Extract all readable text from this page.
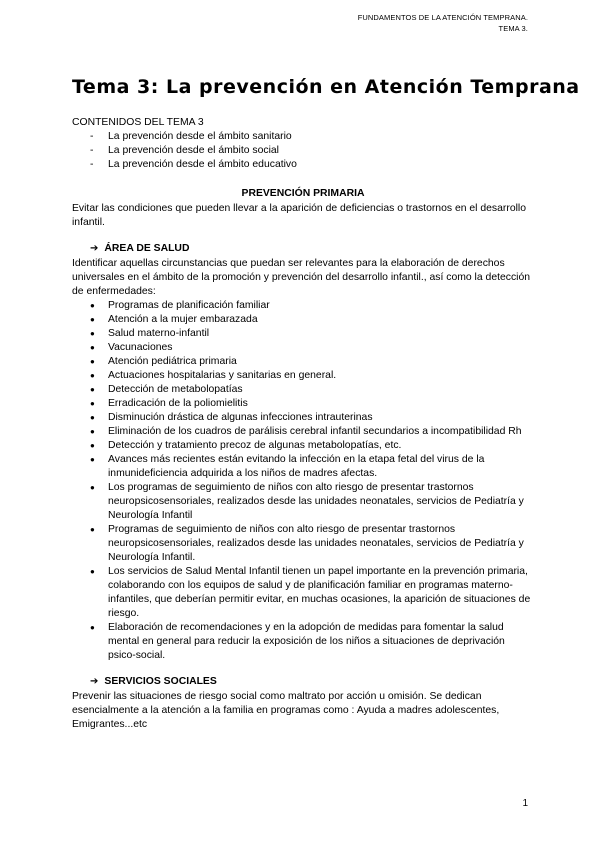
FUNDAMENTOS DE LA ATENCIÓN TEMPRANA.
TEMA 3.
Tema 3: La prevención en Atención Temprana

CONTENIDOS DEL TEMA 3

- La prevención desde el ámbito sanitario
- La prevención desde el ámbito social
- La prevención desde el ámbito educativo
PREVENCIÓN PRIMARIA

Evitar las condiciones que pueden llevar a la aparición de deficiencias o trastornos en el desarrollo infantil.

➔ ÁREA DE SALUD

Identificar aquellas circunstancias que puedan ser relevantes para la elaboración de derechos universales en el ámbito de la promoción y prevención del desarrollo infantil., así como la detección de enfermedades:

● Programas de planificación familiar
● Atención a la mujer embarazada
● Salud materno-infantil
● Vacunaciones
● Atención pediátrica primaria
● Actuaciones hospitalarias y sanitarias en general.
● Detección de metabolopatías
● Erradicación de la poliomielitis
● Disminución drástica de algunas infecciones intrauterinas
● Eliminación de los cuadros de parálisis cerebral infantil secundarios a incompatibilidad Rh
● Detección y tratamiento precoz de algunas metabolopatías, etc.
● Avances más recientes están evitando la infección en la etapa fetal del virus de la inmunideficiencia adquirida a los niños de madres afectas.
● Los programas de seguimiento de niños con alto riesgo de presentar trastornos neuropsicosensoriales, realizados desde las unidades neonatales, servicios de Pediatría y Neurología Infantil
● Programas de seguimiento de niños con alto riesgo de presentar trastornos neuropsicosensoriales, realizados desde las unidades neonatales, servicios de Pediatría y Neurología Infantil.
● Los servicios de Salud Mental Infantil tienen un papel importante en la prevención primaria, colaborando con los equipos de salud y de planificación familiar en programas materno-infantiles, que deberían permitir evitar, en muchas ocasiones, la aparición de situaciones de riesgo.
● Elaboración de recomendaciones y en la adopción de medidas para fomentar la salud mental en general para reducir la exposición de los niños a situaciones de deprivación psico-social.
➔ SERVICIOS SOCIALES

Prevenir las situaciones de riesgo social como maltrato por acción u omisión. Se dedican esencialmente a la atención a la familia en programas como : Ayuda a madres adolescentes, Emigrantes...etc

1
